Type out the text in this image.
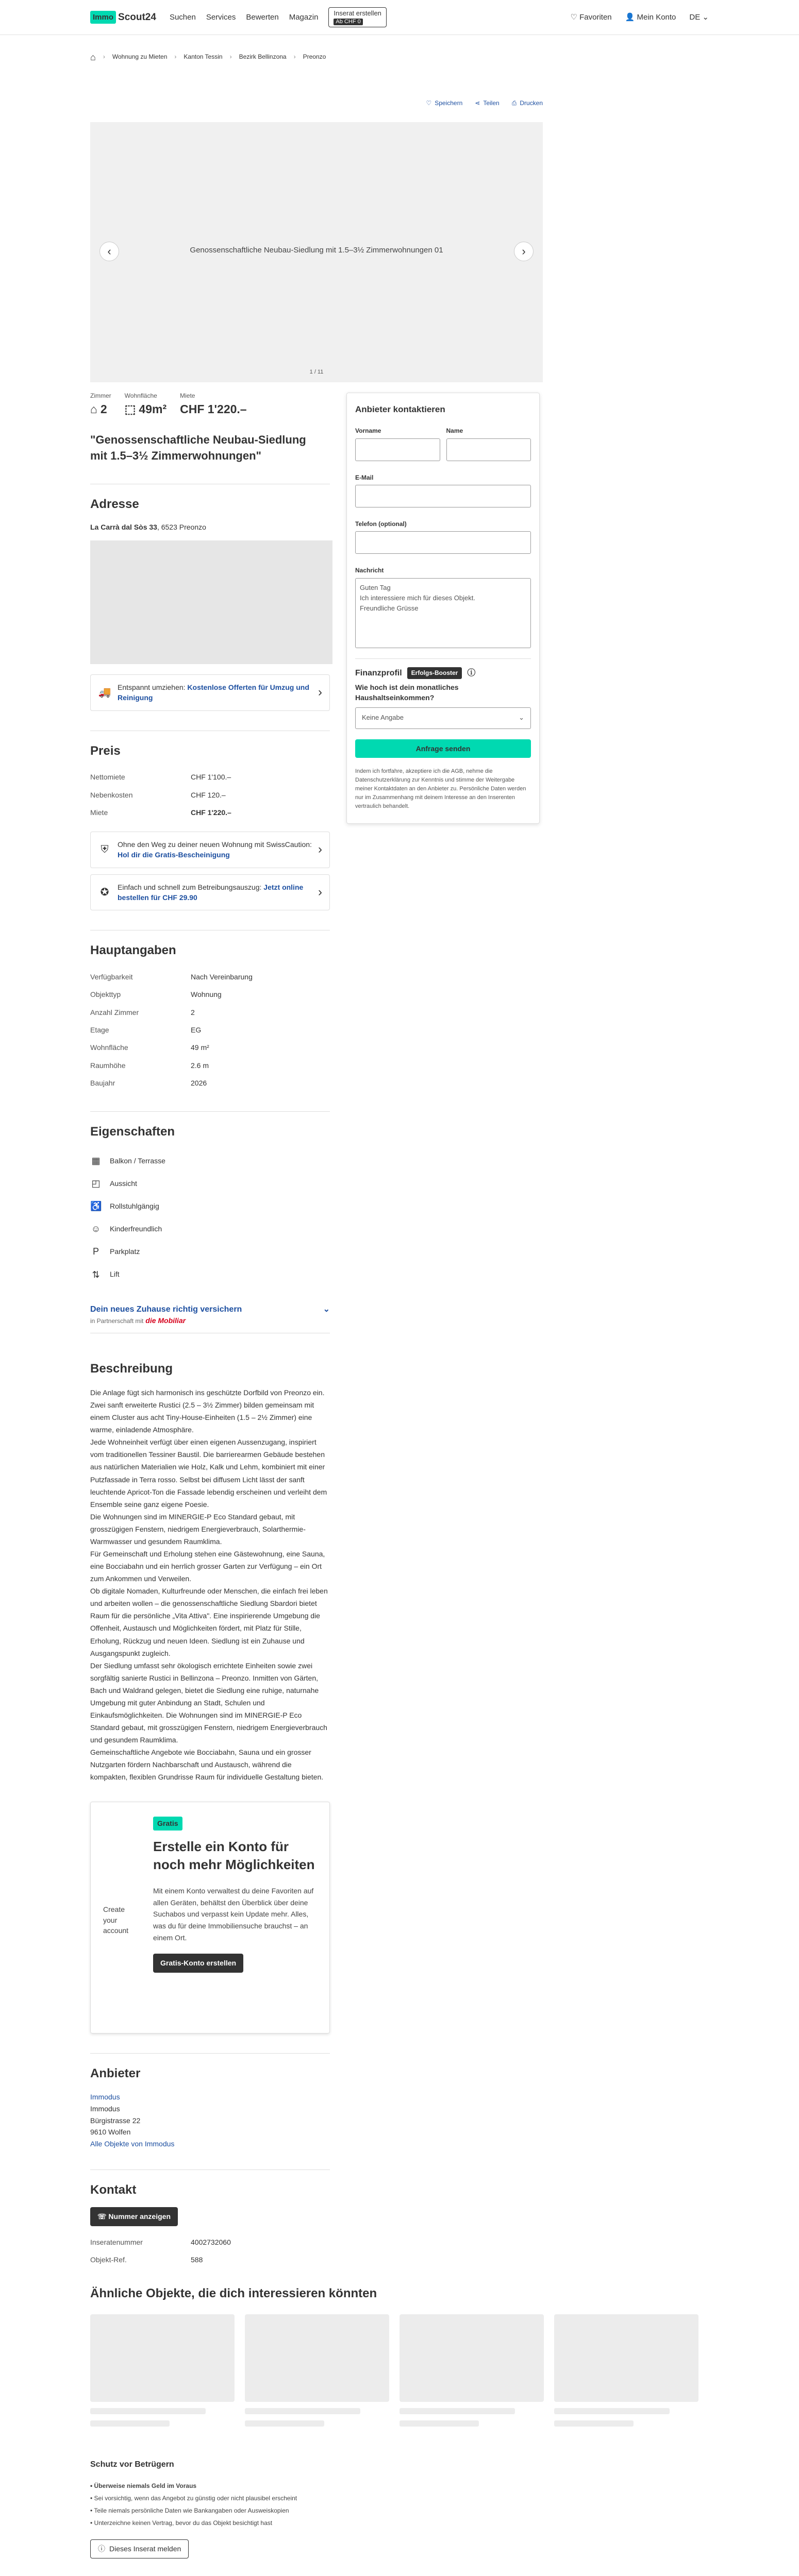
Immo Scout24 Suchen Services Bewerten Magazin Inserat erstellen
Ab CHF 0
♡ Favoriten 👤 Mein Konto DE ⌄
⌂ › Wohnung zu Mieten › Kanton Tessin › Bezirk Bellinzona › Preonzo
♡ Speichern ⋖ Teilen ⎙ Drucken
Genossenschaftliche Neubau-Siedlung mit 1.5–3½ Zimmerwohnungen 01
‹	›
1 / 11
Zimmer
⌂ 2
Wohnfläche
⬚ 49m²
Miete
CHF 1'220.–
"Genossenschaftliche Neubau-Siedlung mit 1.5–3½ Zimmerwohnungen"
Adresse
La Carrà dal Sòs 33, 6523 Preonzo
🚚 Entspannt umziehen: Kostenlose Offerten für Umzug und Reinigung	›
Preis
Nettomiete	CHF 1'100.–
Nebenkosten	CHF 120.–
Miete	CHF 1'220.–
⛨	Ohne den Weg zu deiner neuen Wohnung mit SwissCaution: Hol dir die Gratis-Bescheinigung	›
✪	Einfach und schnell zum Betreibungsauszug: Jetzt online bestellen für CHF 29.90	›
Hauptangaben
Verfügbarkeit	Nach Vereinbarung
Objekttyp	Wohnung
Anzahl Zimmer	2
Etage	EG
Wohnfläche	49 m²
Raumhöhe	2.6 m
Baujahr	2026
Eigenschaften
▦ Balkon / Terrasse
◰ Aussicht
♿ Rollstuhlgängig
☺ Kinderfreundlich
P	Parkplatz
⇅ Lift
Dein neues Zuhause richtig versichern	⌄
in Partnerschaft mit die Mobiliar
Beschreibung
Die Anlage fügt sich harmonisch ins geschützte Dorfbild von Preonzo ein. Zwei sanft erweiterte Rustici (2.5 – 3½ Zimmer) bilden gemeinsam mit einem Cluster aus acht Tiny-House-Einheiten (1.5 – 2½ Zimmer) eine warme, einladende Atmosphäre.
Jede Wohneinheit verfügt über einen eigenen Aussenzugang, inspiriert vom traditionellen Tessiner Baustil. Die barrierearmen Gebäude bestehen aus natürlichen Materialien wie Holz, Kalk und Lehm, kombiniert mit einer Putzfassade in Terra rosso. Selbst bei diffusem Licht lässt der sanft leuchtende Apricot-Ton die Fassade lebendig erscheinen und verleiht dem Ensemble seine ganz eigene Poesie.
Die Wohnungen sind im MINERGIE-P Eco Standard gebaut, mit grosszügigen Fenstern, niedrigem Energieverbrauch, Solarthermie-Warmwasser und gesundem Raumklima.
Für Gemeinschaft und Erholung stehen eine Gästewohnung, eine Sauna, eine Bocciabahn und ein herrlich grosser Garten zur Verfügung – ein Ort zum Ankommen und Verweilen.
Ob digitale Nomaden, Kulturfreunde oder Menschen, die einfach frei leben und arbeiten wollen – die genossenschaftliche Siedlung Sbardori bietet Raum für die persönliche „Vita Attiva". Eine inspirierende Umgebung die Offenheit, Austausch und Möglichkeiten fördert, mit Platz für Stille, Erholung, Rückzug und neuen Ideen. Siedlung ist ein Zuhause und Ausgangspunkt zugleich.
Der Siedlung umfasst sehr ökologisch errichtete Einheiten sowie zwei sorgfältig sanierte Rustici in Bellinzona – Preonzo. Inmitten von Gärten, Bach und Waldrand gelegen, bietet die Siedlung eine ruhige, naturnahe Umgebung mit guter Anbindung an Stadt, Schulen und Einkaufsmöglichkeiten. Die Wohnungen sind im MINERGIE-P Eco Standard gebaut, mit grosszügigen Fenstern, niedrigem Energieverbrauch und gesundem Raumklima.
Gemeinschaftliche Angebote wie Bocciabahn, Sauna und ein grosser Nutzgarten fördern Nachbarschaft und Austausch, während die kompakten, flexiblen Grundrisse Raum für individuelle Gestaltung bieten.
Create your account
Gratis
Erstelle ein Konto für noch mehr Möglichkeiten

Mit einem Konto verwaltest du deine Favoriten auf allen Geräten, behältst den Überblick über deine Suchabos und verpasst kein Update mehr. Alles, was du für deine Immobiliensuche brauchst – an einem Ort.

Gratis-Konto erstellen
Anbieter
Immodus
Immodus
Bürgistrasse 22
9610 Wolfen
Alle Objekte von Immodus
Kontakt
☏ Nummer anzeigen
Inseratenummer	4002732060
Objekt-Ref.	588
Anbieter kontaktieren
Vorname	Name
E-Mail
Telefon (optional)
Nachricht
Guten Tag
Ich interessiere mich für dieses Objekt.
Freundliche Grüsse
Finanzprofil	Erfolgs-Booster	ⓘ
Wie hoch ist dein monatliches Haushaltseinkommen?
Keine Angabe	⌄
Anfrage senden
Indem ich fortfahre, akzeptiere ich die AGB, nehme die Datenschutzerklärung zur Kenntnis und stimme der Weitergabe meiner Kontaktdaten an den Anbieter zu. Persönliche Daten werden nur im Zusammenhang mit deinem Interesse an den Inserenten vertraulich behandelt.
Ähnliche Objekte, die dich interessieren könnten
Schutz vor Betrügern
• Überweise niemals Geld im Voraus
• Sei vorsichtig, wenn das Angebot zu günstig oder nicht plausibel erscheint
• Teile niemals persönliche Daten wie Bankangaben oder Ausweiskopien
• Unterzeichne keinen Vertrag, bevor du das Objekt besichtigt hast
ⓘ Dieses Inserat melden
